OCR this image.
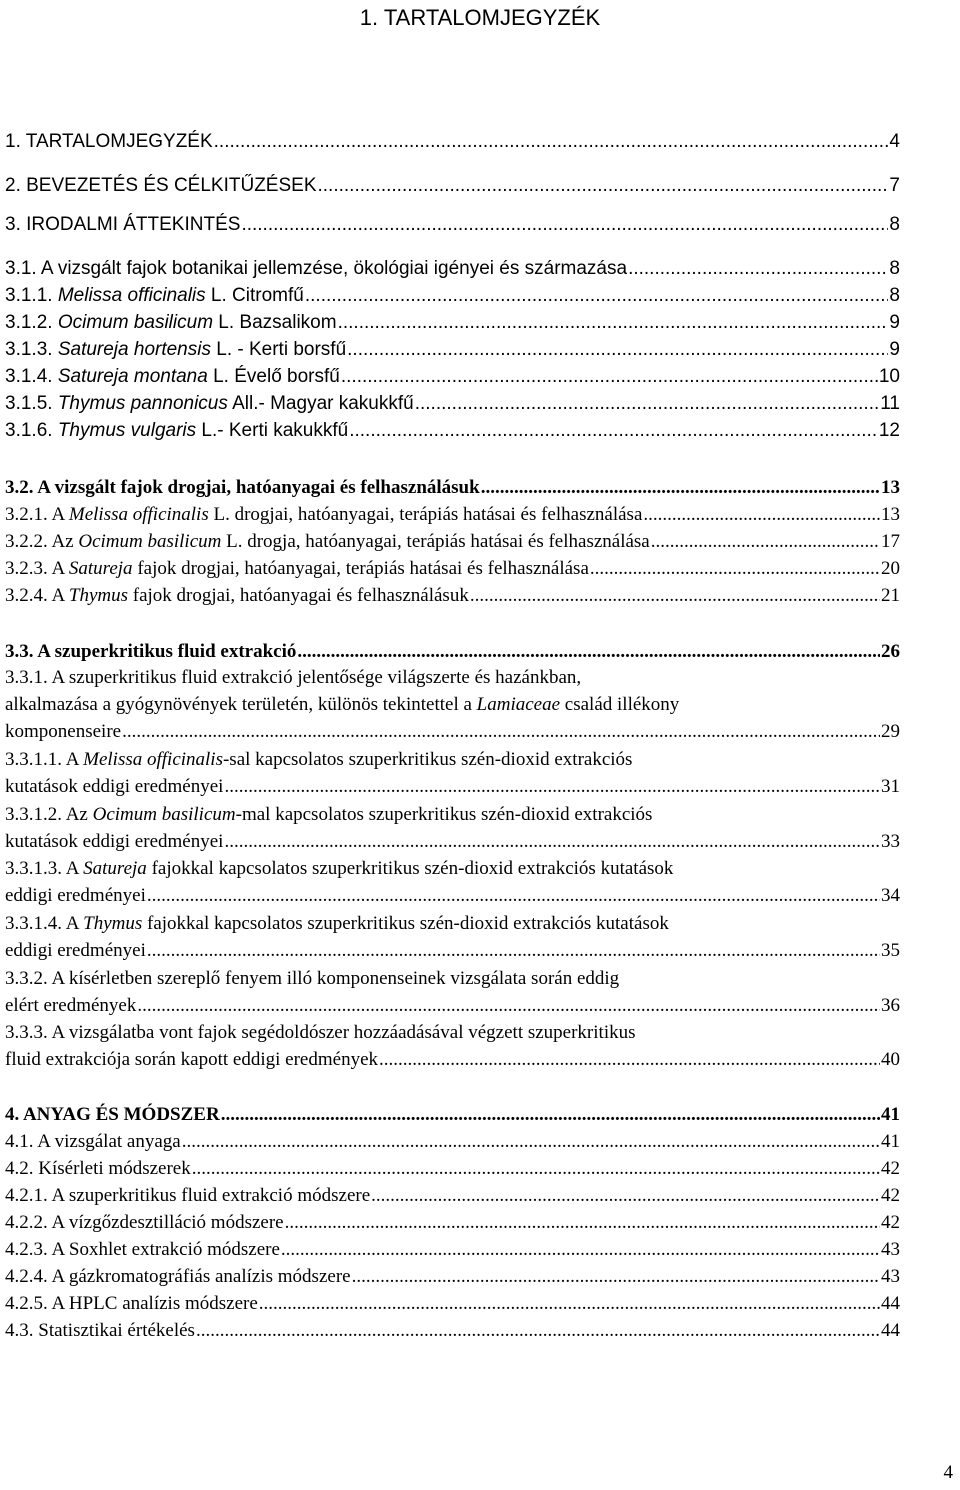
1. TARTALOMJEGYZÉK
1. TARTALOMJEGYZÉK .....	4
2. BEVEZETÉS ÉS CÉLKITŰZÉSEK .....	7
3. IRODALMI ÁTTEKINTÉS .....	8
3.1. A vizsgált fajok botanikai jellemzése, ökológiai igényei és származása .....	8
3.1.1. Melissa officinalis L. Citromfű .....	8
3.1.2. Ocimum basilicum L. Bazsalikom .....	9
3.1.3. Satureja hortensis L. - Kerti borsfű .....	9
3.1.4. Satureja montana L. Évelő borsfű .....	10
3.1.5. Thymus pannonicus All.- Magyar kakukkfű .....	11
3.1.6. Thymus vulgaris L.- Kerti kakukkfű .....	12
3.2. A vizsgált fajok drogjai, hatóanyagai és felhasználásuk .....	13
3.2.1. A Melissa officinalis L. drogjai, hatóanyagai, terápiás hatásai és felhasználása .....	13
3.2.2. Az Ocimum basilicum L. drogja, hatóanyagai, terápiás hatásai és felhasználása .....	17
3.2.3. A Satureja fajok drogjai, hatóanyagai, terápiás hatásai és felhasználása .....	20
3.2.4. A Thymus fajok drogjai, hatóanyagai és felhasználásuk .....	21
3.3. A szuperkritikus fluid extrakció .....	26
3.3.1. A szuperkritikus fluid extrakció jelentősége világszerte és hazánkban,
alkalmazása a gyógynövények területén, különös tekintettel a Lamiaceae család illékony
komponenseire .....	29
3.3.1.1. A Melissa officinalis-sal kapcsolatos szuperkritikus szén-dioxid extrakciós
kutatások eddigi eredményei .....	31
3.3.1.2. Az Ocimum basilicum-mal kapcsolatos szuperkritikus szén-dioxid extrakciós
kutatások eddigi eredményei .....	33
3.3.1.3. A Satureja fajokkal kapcsolatos szuperkritikus szén-dioxid extrakciós kutatások
eddigi eredményei .....	34
3.3.1.4. A Thymus fajokkal kapcsolatos szuperkritikus szén-dioxid extrakciós kutatások
eddigi eredményei .....	35
3.3.2. A kísérletben szereplő fenyem illó komponenseinek vizsgálata során eddig
elért eredmények .....	36
3.3.3. A vizsgálatba vont fajok segédoldószer hozzáadásával végzett szuperkritikus
fluid extrakciója során kapott eddigi eredmények .....	40
4. ANYAG ÉS MÓDSZER .....	41
4.1. A vizsgálat anyaga .....	41
4.2. Kísérleti módszerek .....	42
4.2.1. A szuperkritikus fluid extrakció módszere .....	42
4.2.2. A vízgőzdesztilláció módszere .....	42
4.2.3. A Soxhlet extrakció módszere .....	43
4.2.4. A gázkromatográfiás analízis módszere .....	43
4.2.5. A HPLC analízis módszere .....	44
4.3. Statisztikai értékelés .....	44
4
